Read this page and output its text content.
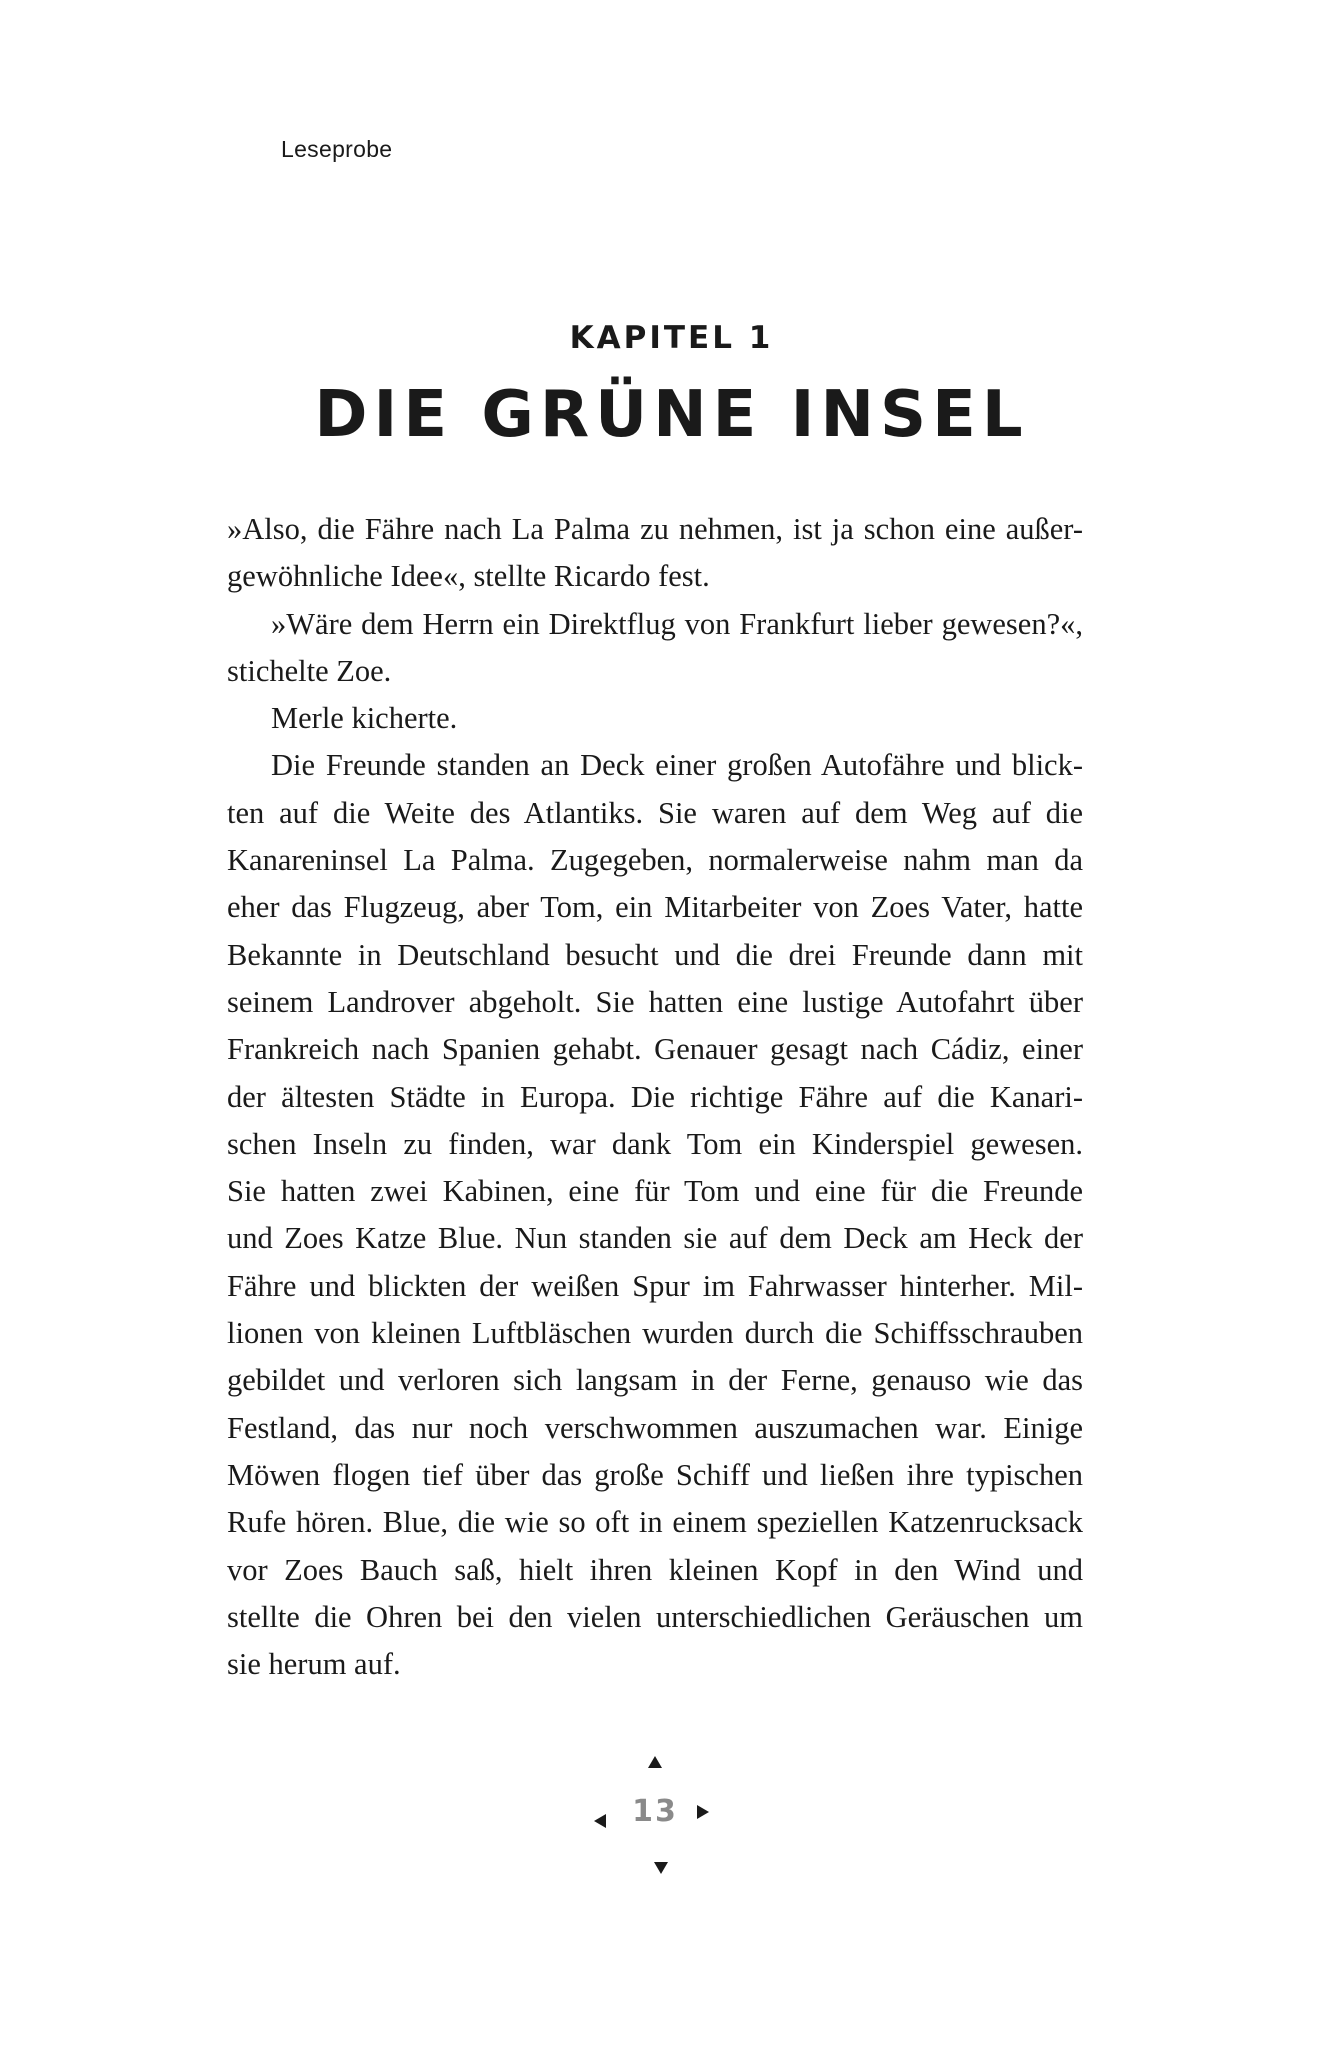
Leseprobe
KAPITEL 1
DIE GRÜNE INSEL
»Also, die Fähre nach La Palma zu nehmen, ist ja schon eine außer-
gewöhnliche Idee«, stellte Ricardo fest.
»Wäre dem Herrn ein Direktflug von Frankfurt lieber gewesen?«,
stichelte Zoe.
Merle kicherte.
Die Freunde standen an Deck einer großen Autofähre und blick-
ten auf die Weite des Atlantiks. Sie waren auf dem Weg auf die
Kanareninsel La Palma. Zugegeben, normalerweise nahm man da
eher das Flugzeug, aber Tom, ein Mitarbeiter von Zoes Vater, hatte
Bekannte in Deutschland besucht und die drei Freunde dann mit
seinem Landrover abgeholt. Sie hatten eine lustige Autofahrt über
Frankreich nach Spanien gehabt. Genauer gesagt nach Cádiz, einer
der ältesten Städte in Europa. Die richtige Fähre auf die Kanari-
schen Inseln zu finden, war dank Tom ein Kinderspiel gewesen.
Sie hatten zwei Kabinen, eine für Tom und eine für die Freunde
und Zoes Katze Blue. Nun standen sie auf dem Deck am Heck der
Fähre und blickten der weißen Spur im Fahrwasser hinterher. Mil-
lionen von kleinen Luftbläschen wurden durch die Schiffsschrauben
gebildet und verloren sich langsam in der Ferne, genauso wie das
Festland, das nur noch verschwommen auszumachen war. Einige
Möwen flogen tief über das große Schiff und ließen ihre typischen
Rufe hören. Blue, die wie so oft in einem speziellen Katzenrucksack
vor Zoes Bauch saß, hielt ihren kleinen Kopf in den Wind und
stellte die Ohren bei den vielen unterschiedlichen Geräuschen um
sie herum auf.
13
